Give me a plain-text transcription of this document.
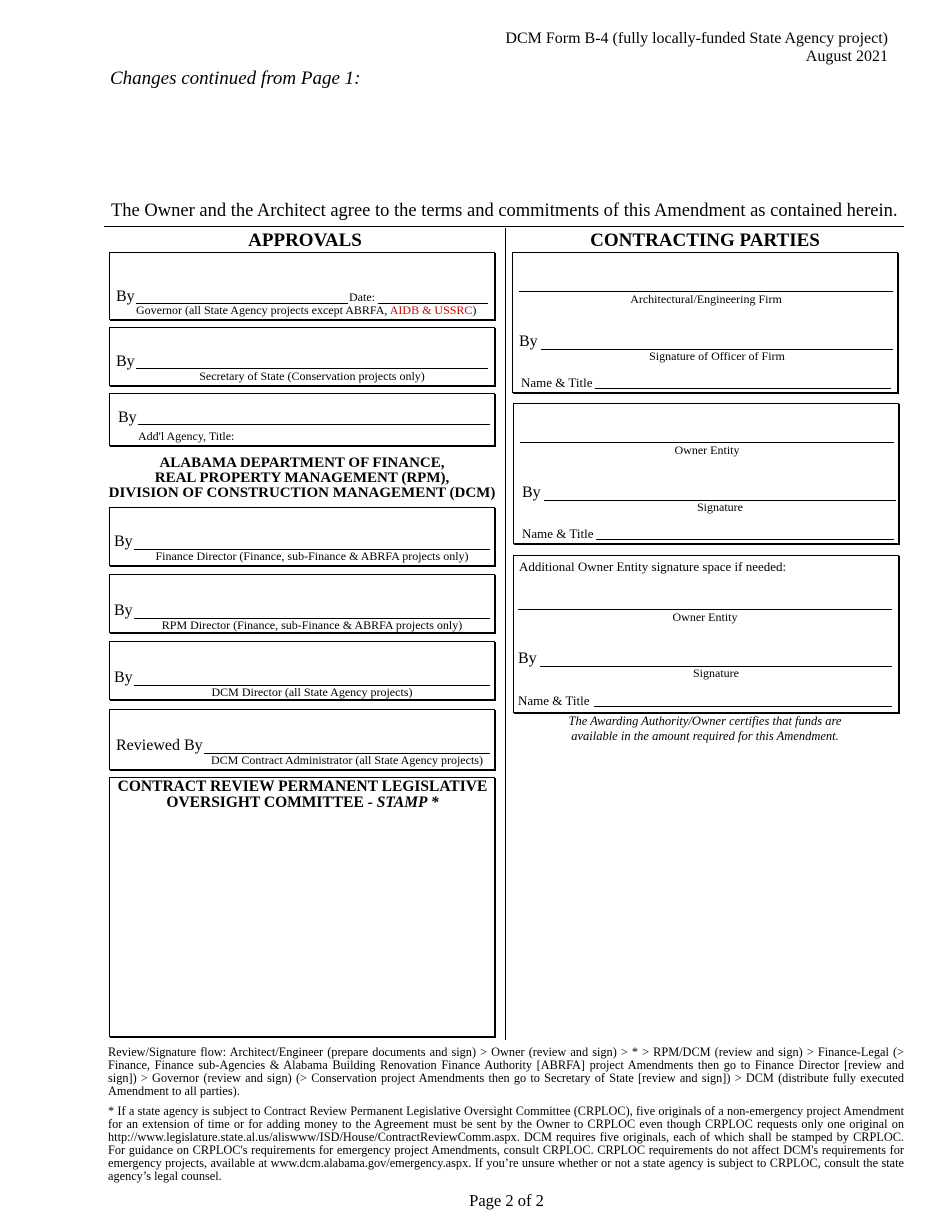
DCM Form B-4 (fully locally-funded State Agency project)
August 2021
Changes continued from Page 1:
The Owner and the Architect agree to the terms and commitments of this Amendment as contained herein.
APPROVALS
By	Date:
Governor (all State Agency projects except ABRFA, AIDB & USSRC)
By
Secretary of State (Conservation projects only)
By
Add'l Agency, Title:
ALABAMA DEPARTMENT OF FINANCE,
REAL PROPERTY MANAGEMENT (RPM),
DIVISION OF CONSTRUCTION MANAGEMENT (DCM)
By
Finance Director (Finance, sub-Finance & ABRFA projects only)
By
RPM Director (Finance, sub-Finance & ABRFA projects only)
By
DCM Director (all State Agency projects)
Reviewed By
DCM Contract Administrator (all State Agency projects)
CONTRACT REVIEW PERMANENT LEGISLATIVE
OVERSIGHT COMMITTEE - STAMP *
CONTRACTING PARTIES
Architectural/Engineering Firm
By
Signature of Officer of Firm
Name & Title
Owner Entity
By
Signature
Name & Title
Additional Owner Entity signature space if needed:
Owner Entity
By
Signature
Name & Title
The Awarding Authority/Owner certifies that funds are
available in the amount required for this Amendment.
Review/Signature flow: Architect/Engineer (prepare documents and sign) > Owner (review and sign) > * > RPM/DCM (review and sign) > Finance-Legal (> Finance, Finance sub-Agencies & Alabama Building Renovation Finance Authority [ABRFA] project Amendments then go to Finance Director [review and sign]) > Governor (review and sign) (> Conservation project Amendments then go to Secretary of State [review and sign]) > DCM (distribute fully executed Amendment to all parties).
* If a state agency is subject to Contract Review Permanent Legislative Oversight Committee (CRPLOC), five originals of a non-emergency project Amendment for an extension of time or for adding money to the Agreement must be sent by the Owner to CRPLOC even though CRPLOC requests only one original on http://www.legislature.state.al.us/aliswww/ISD/House/ContractReviewComm.aspx. DCM requires five originals, each of which shall be stamped by CRPLOC. For guidance on CRPLOC's requirements for emergency project Amendments, consult CRPLOC. CRPLOC requirements do not affect DCM's requirements for emergency projects, available at www.dcm.alabama.gov/emergency.aspx. If you’re unsure whether or not a state agency is subject to CRPLOC, consult the state agency’s legal counsel.
Page 2 of 2
